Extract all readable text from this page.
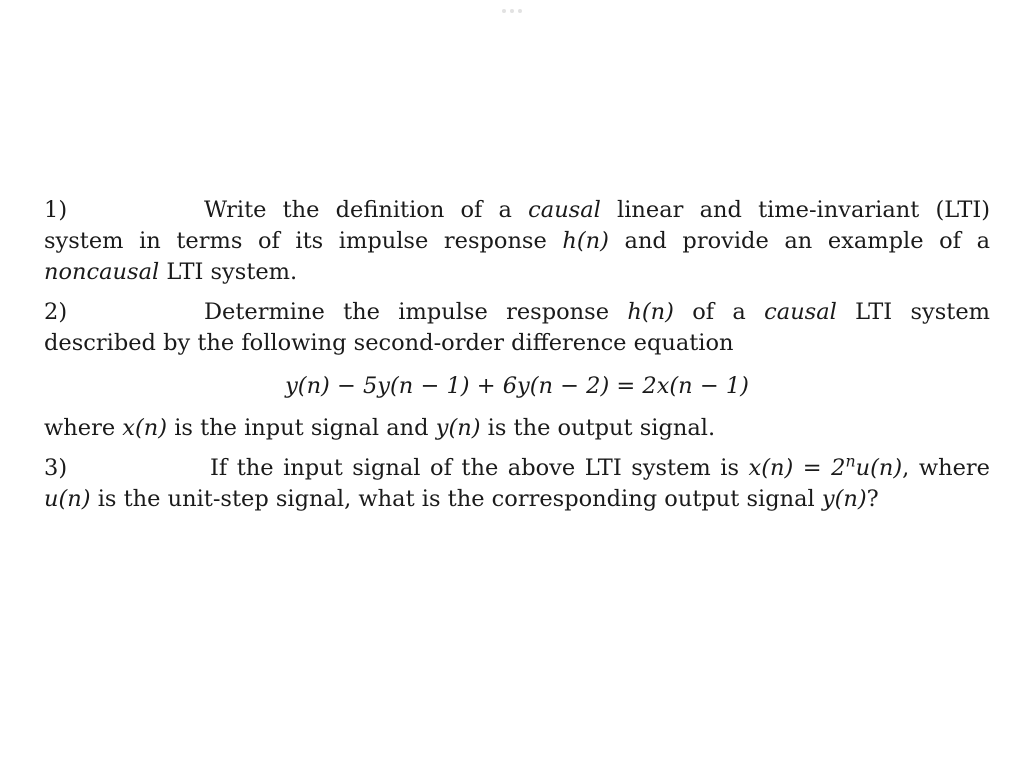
1)	Write the definition of a causal linear and time-invariant (LTI) system in terms of its impulse response h(n) and provide an example of a noncausal LTI system.

2)	Determine the impulse response h(n) of a causal LTI system described by the following second-order difference equation

y(n) − 5y(n − 1) + 6y(n − 2) = 2x(n − 1)

where x(n) is the input signal and y(n) is the output signal.

3)	If the input signal of the above LTI system is $x(n) = 2^nu(n)$, where u(n) is the unit-step signal, what is the corresponding output signal y(n)?
